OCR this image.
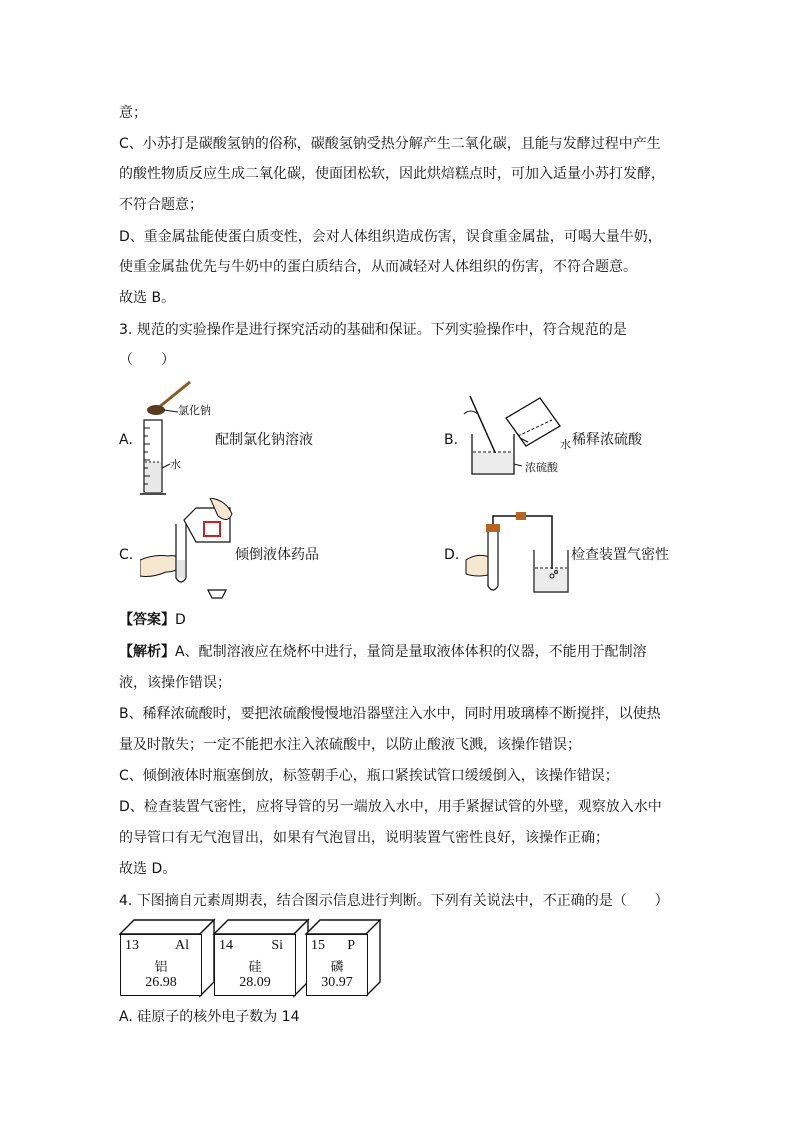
意；
C、小苏打是碳酸氢钠的俗称，碳酸氢钠受热分解产生二氧化碳，且能与发酵过程中产生
的酸性物质反应生成二氧化碳，使面团松软，因此烘焙糕点时，可加入适量小苏打发酵，
不符合题意；
D、重金属盐能使蛋白质变性，会对人体组织造成伤害，误食重金属盐，可喝大量牛奶，
使重金属盐优先与牛奶中的蛋白质结合，从而减轻对人体组织的伤害，不符合题意。
故选 B。
3. 规范的实验操作是进行探究活动的基础和保证。下列实验操作中，符合规范的是
（　　）
A.
氯化钠
水
配制氯化钠溶液	B.	水
浓硫酸
稀释浓硫酸
C.	倾倒液体药品	D.	检查装置气密性
【答案】D
【解析】A、配制溶液应在烧杯中进行，量筒是量取液体体积的仪器，不能用于配制溶
液，该操作错误；
B、稀释浓硫酸时，要把浓硫酸慢慢地沿器壁注入水中，同时用玻璃棒不断搅拌，以使热
量及时散失；一定不能把水注入浓硫酸中，以防止酸液飞溅，该操作错误；
C、倾倒液体时瓶塞倒放，标签朝手心，瓶口紧挨试管口缓缓倒入，该操作错误；
D、检查装置气密性，应将导管的另一端放入水中，用手紧握试管的外壁，观察放入水中
的导管口有无气泡冒出，如果有气泡冒出，说明装置气密性良好，该操作正确；
故选 D。
4. 下图摘自元素周期表，结合图示信息进行判断。下列有关说法中，不正确的是（　　）
13	Al
铝
26.98
14	Si
硅
28.09
15 P
磷
30.97
A. 硅原子的核外电子数为 14
